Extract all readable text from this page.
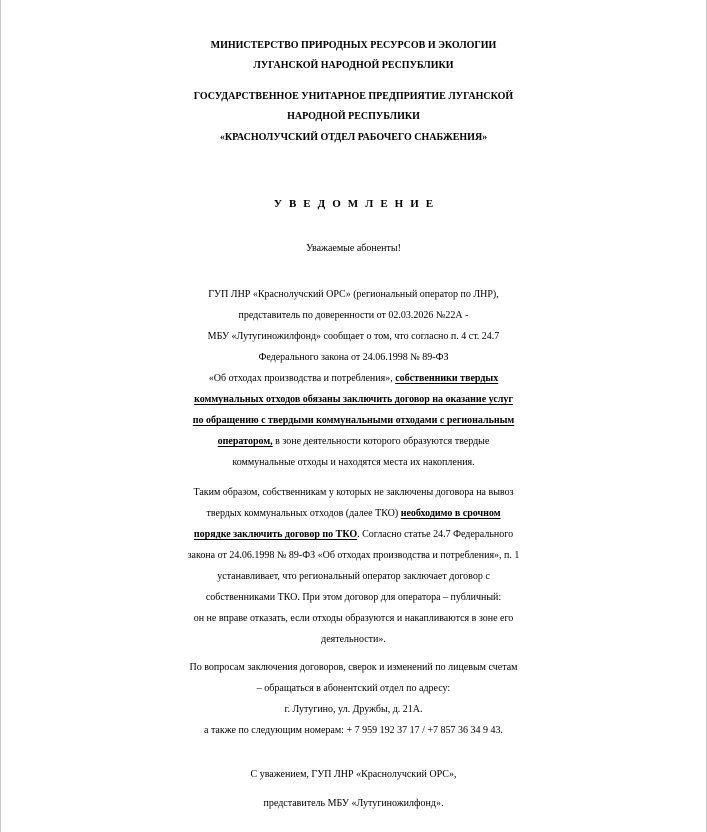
МИНИСТЕРСТВО ПРИРОДНЫХ РЕСУРСОВ И ЭКОЛОГИИ
ЛУГАНСКОЙ НАРОДНОЙ РЕСПУБЛИКИ
ГОСУДАРСТВЕННОЕ УНИТАРНОЕ ПРЕДПРИЯТИЕ ЛУГАНСКОЙ
НАРОДНОЙ РЕСПУБЛИКИ
«КРАСНОЛУЧСКИЙ ОТДЕЛ РАБОЧЕГО СНАБЖЕНИЯ»
УВЕДОМЛЕНИЕ
Уважаемые абоненты!
ГУП ЛНР «Краснолучский ОРС» (региональный оператор по ЛНР),
представитель по доверенности от 02.03.2026 №22А -
МБУ «Лутугиножилфонд» сообщает о том, что согласно п. 4 ст. 24.7
Федерального закона от 24.06.1998 № 89-ФЗ
«Об отходах производства и потребления», собственники твердых
коммунальных отходов обязаны заключить договор на оказание услуг
по обращению с твердыми коммунальными отходами с региональным
оператором, в зоне деятельности которого образуются твердые
коммунальные отходы и находятся места их накопления.
Таким образом, собственникам у которых не заключены договора на вывоз
твердых коммунальных отходов (далее ТКО) необходимо в срочном
порядке заключить договор по ТКО. Согласно статье 24.7 Федерального
закона от 24.06.1998 № 89-ФЗ «Об отходах производства и потребления», п. 1
устанавливает, что региональный оператор заключает договор с
собственниками ТКО. При этом договор для оператора – публичный:
он не вправе отказать, если отходы образуются и накапливаются в зоне его
деятельности».
По вопросам заключения договоров, сверок и изменений по лицевым счетам
– обращаться в абонентский отдел по адресу:
г. Лутугино, ул. Дружбы, д. 21А.
а также по следующим номерам: + 7 959 192 37 17 / +7 857 36 34 9 43.
С уважением, ГУП ЛНР «Краснолучский ОРС»,
представитель МБУ «Лутугиножилфонд».
